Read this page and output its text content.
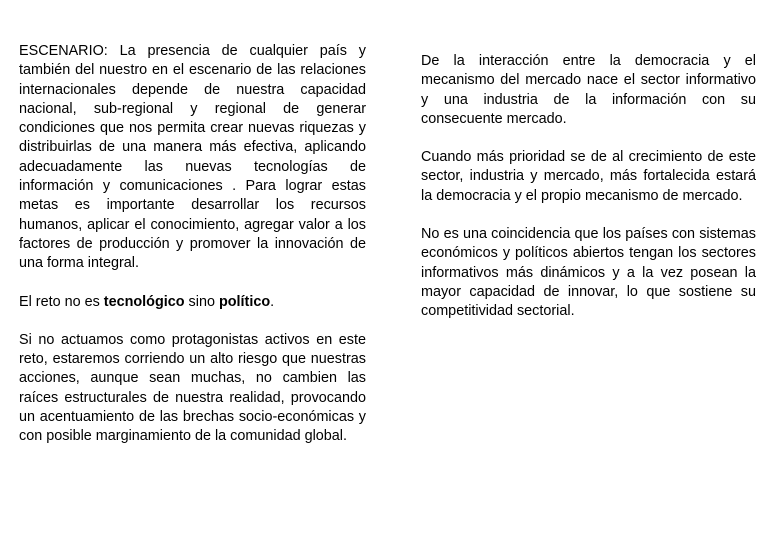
ESCENARIO: La presencia de cualquier país y también del nuestro en el escenario de las relaciones internacionales depende de nuestra capacidad nacional, sub-regional y regional de generar condiciones que nos permita crear nuevas riquezas y distribuirlas de una manera más efectiva, aplicando adecuadamente las nuevas tecnologías de información y comunicaciones . Para lograr estas metas es importante desarrollar los recursos humanos, aplicar el conocimiento, agregar valor a los factores de producción y promover la innovación de una forma integral.

El reto no es tecnológico sino político.

Si no actuamos como protagonistas activos en este reto, estaremos corriendo un alto riesgo que nuestras acciones, aunque sean muchas, no cambien las raíces estructurales de nuestra realidad, provocando un acentuamiento de las brechas socio-económicas y con posible marginamiento de la comunidad global.

De la interacción entre la democracia y el mecanismo del mercado nace el sector informativo y una industria de la información con su consecuente mercado.

Cuando más prioridad se de al crecimiento de este sector, industria y mercado, más fortalecida estará la democracia y el propio mecanismo de mercado.

No es una coincidencia que los países con sistemas económicos y políticos abiertos tengan los sectores informativos más dinámicos y a la vez posean la mayor capacidad de innovar, lo que sostiene su competitividad sectorial.
